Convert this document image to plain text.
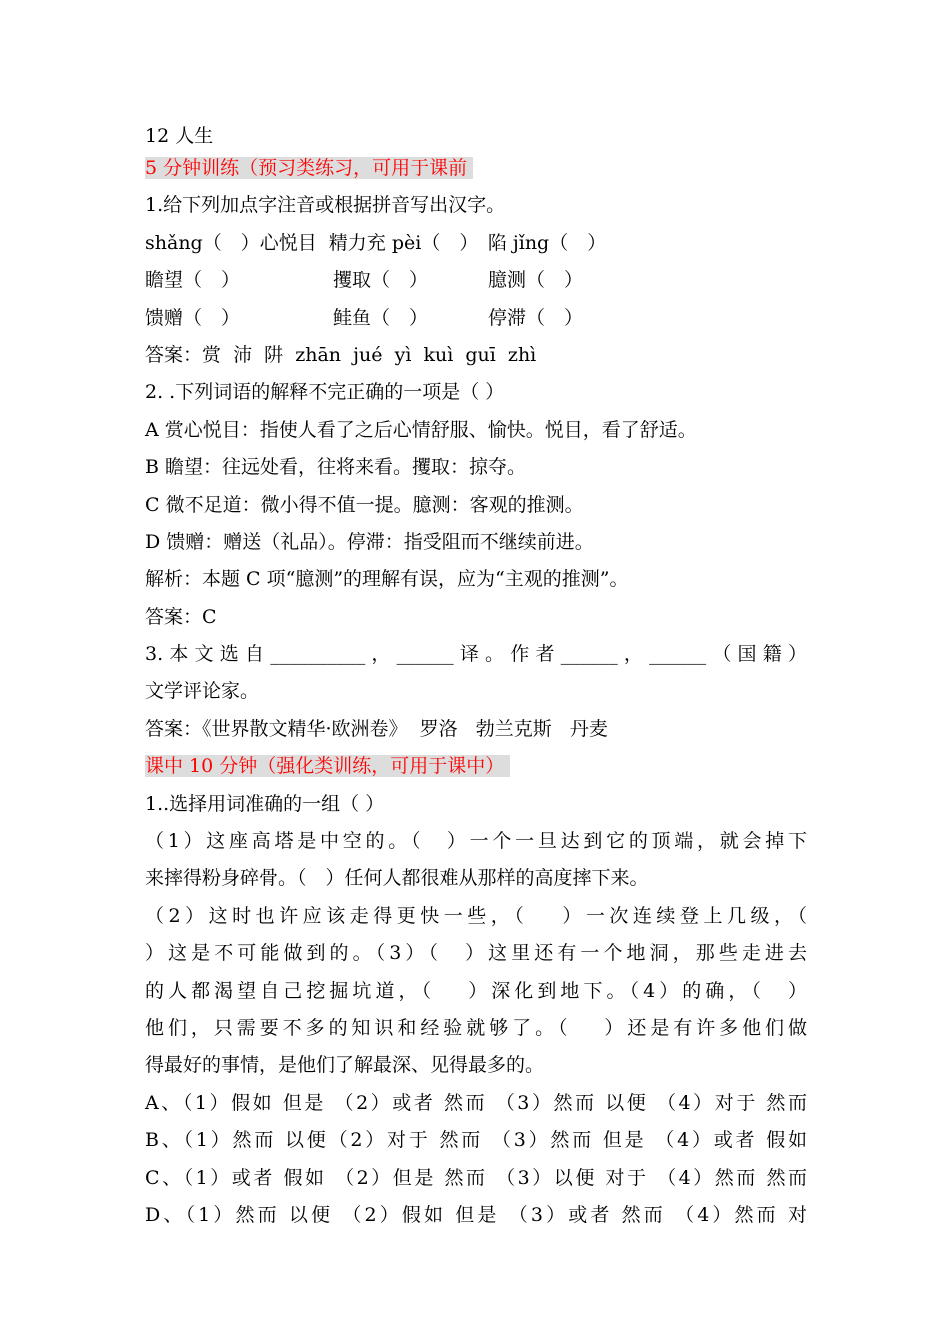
12 人生
5 分钟训练（预习类练习，可用于课前
1.给下列加点字注音或根据拼音写出汉字。
shǎng（　）心悦目  精力充 pèi（　）　陷 jǐng（　）
瞻望（　）	攫取（　）	臆测（　）
馈赠（　）	鲑鱼（　）	停滞（　）
答案：赏  沛  阱  zhān  jué  yì  kuì  guī  zhì
2. .下列词语的解释不完正确的一项是（ ）
A 赏心悦目：指使人看了之后心情舒服、愉快。悦目，看了舒适。
B 瞻望：往远处看，往将来看。攫取：掠夺。
C 微不足道：微小得不值一提。臆测：客观的推测。
D 馈赠：赠送（礼品）。停滞：指受阻而不继续前进。
解析：本题 C 项“臆测”的理解有误，应为“主观的推测”。
答案：C
3.本文选自__________，______译。作者______，______（国籍）
文学评论家。
答案：《世界散文精华·欧洲卷》  罗洛   勃兰克斯   丹麦
课中 10 分钟（强化类训练，可用于课中）
1..选择用词准确的一组（ ）
（1）这座高塔是中空的。（　）一个一旦达到它的顶端，就会掉下
来摔得粉身碎骨。（　）任何人都很难从那样的高度摔下来。
（2）这时也许应该走得更快一些，（　 ）一次连续登上几级，（
）这是不可能做到的。（3）（　）这里还有一个地洞，那些走进去
的人都渴望自己挖掘坑道，（　 ）深化到地下。（4）的确，（　）
他们，只需要不多的知识和经验就够了。（　 ）还是有许多他们做
得最好的事情，是他们了解最深、见得最多的。
A、（1）假如 但是 （2）或者 然而 （3）然而 以便 （4）对于 然而
B、（1）然而 以便（2）对于 然而 （3）然而 但是 （4）或者 假如
C、（1）或者 假如 （2）但是 然而 （3）以便 对于 （4）然而 然而
D、（1）然而 以便 （2）假如 但是 （3）或者 然而 （4）然而 对
